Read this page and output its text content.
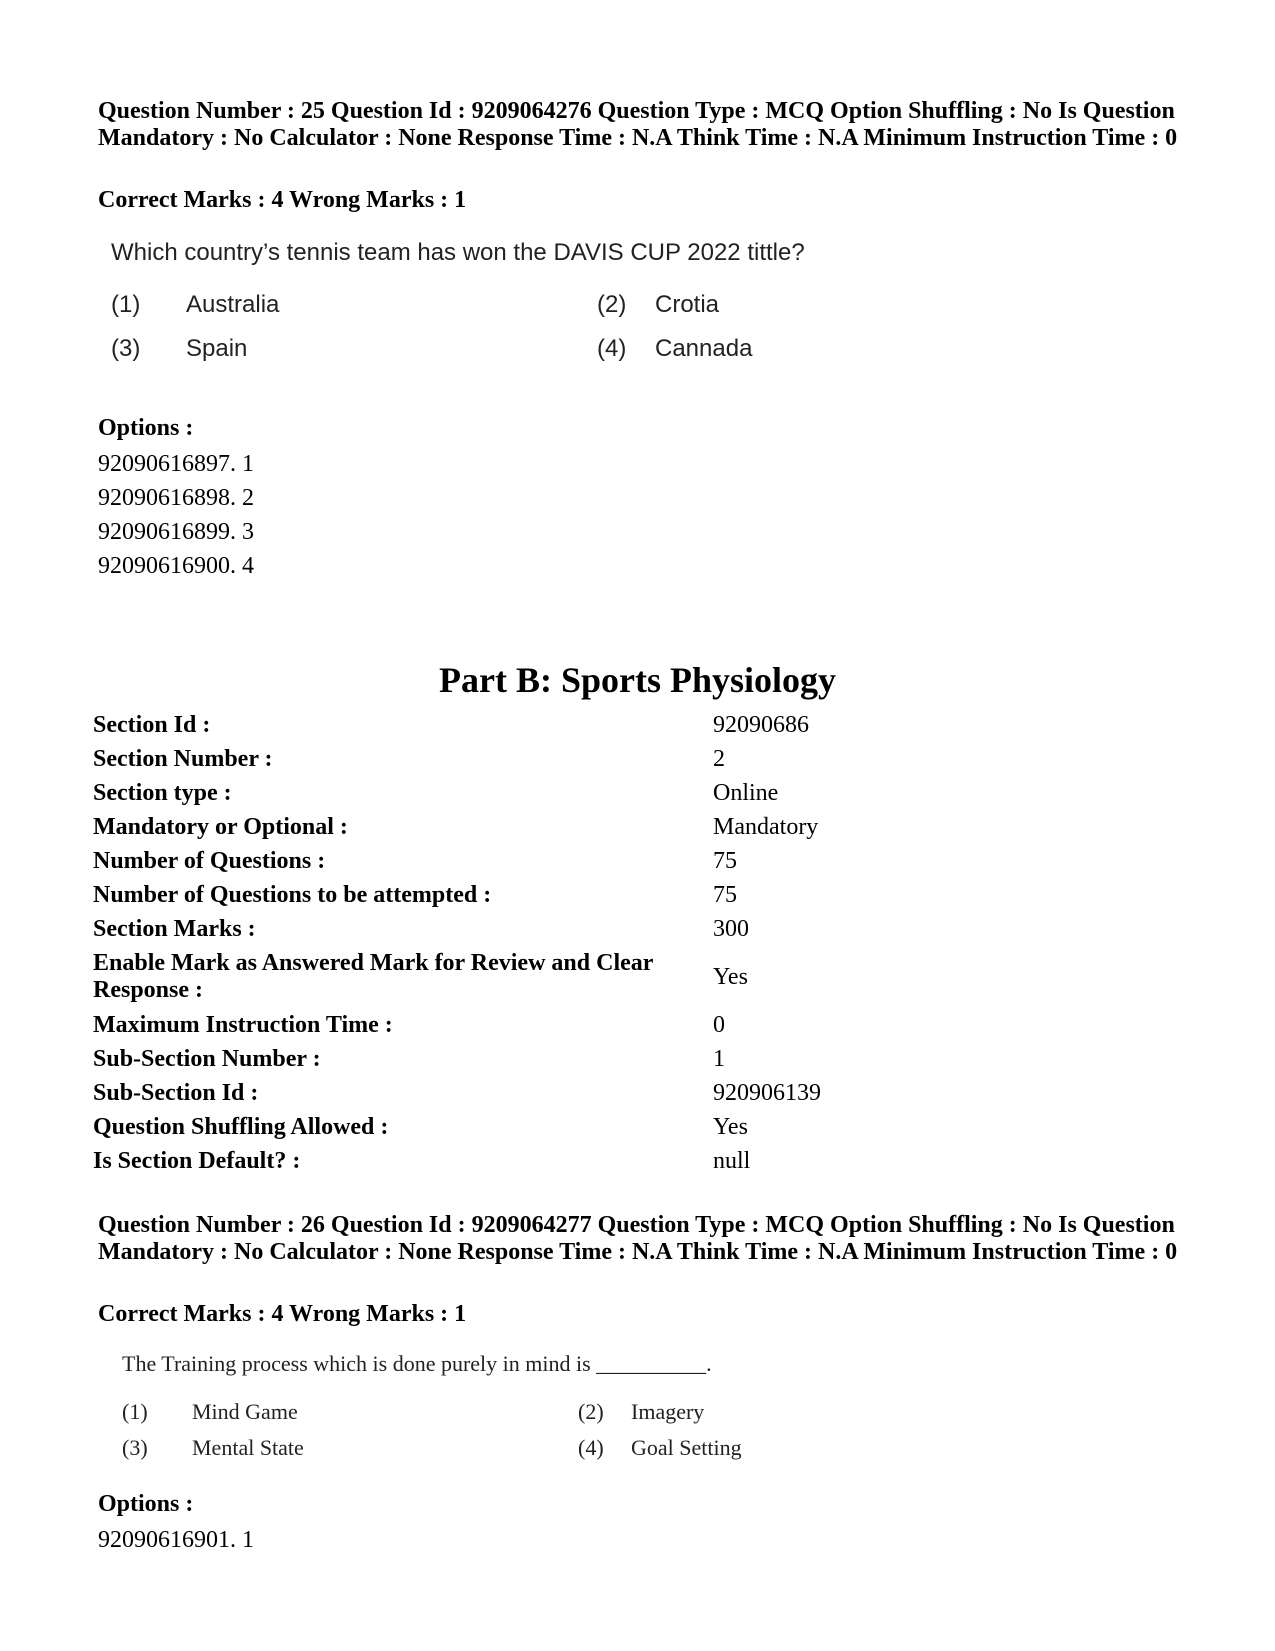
Question Number : 25 Question Id : 9209064276 Question Type : MCQ Option Shuffling : No Is Question Mandatory : No Calculator : None Response Time : N.A Think Time : N.A Minimum Instruction Time : 0

Correct Marks : 4 Wrong Marks : 1
Which country’s tennis team has won the DAVIS CUP 2022 tittle?
(1) Australia	(2) Crotia
(3) Spain	(4) Cannada
Options :
92090616897. 1
92090616898. 2
92090616899. 3
92090616900. 4
Part B: Sports Physiology
Section Id :	92090686
Section Number :	2
Section type :	Online
Mandatory or Optional :	Mandatory
Number of Questions :	75
Number of Questions to be attempted :	75
Section Marks :	300
Enable Mark as Answered Mark for Review and Clear Response :	Yes
Maximum Instruction Time :	0
Sub-Section Number :	1
Sub-Section Id :	920906139
Question Shuffling Allowed :	Yes
Is Section Default? :	null

Question Number : 26 Question Id : 9209064277 Question Type : MCQ Option Shuffling : No Is Question Mandatory : No Calculator : None Response Time : N.A Think Time : N.A Minimum Instruction Time : 0

Correct Marks : 4 Wrong Marks : 1
The Training process which is done purely in mind is __________.
(1) Mind Game	(2) Imagery
(3) Mental State	(4) Goal Setting
Options :
92090616901. 1
